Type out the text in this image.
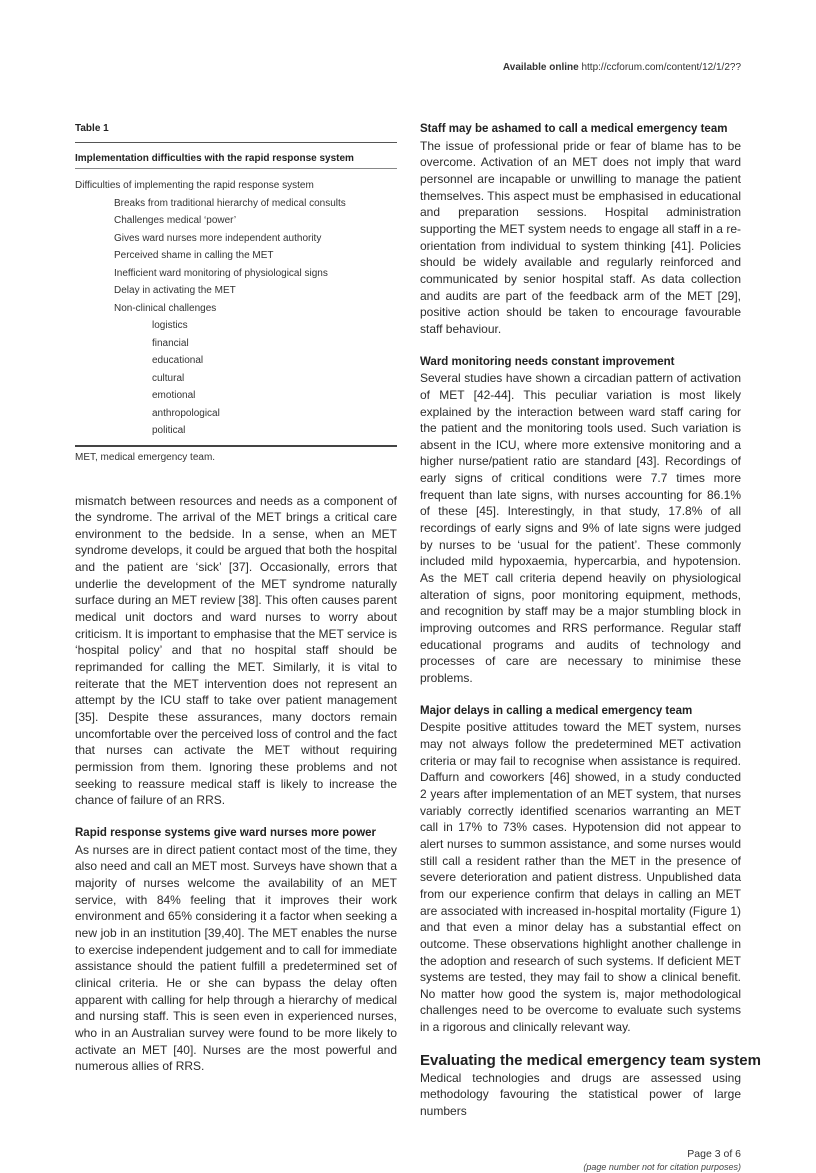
Available online http://ccforum.com/content/12/1/2??
Table 1
Implementation difficulties with the rapid response system
Difficulties of implementing the rapid response system
Breaks from traditional hierarchy of medical consults
Challenges medical ‘power’
Gives ward nurses more independent authority
Perceived shame in calling the MET
Inefficient ward monitoring of physiological signs
Delay in activating the MET
Non-clinical challenges
logistics
financial
educational
cultural
emotional
anthropological
political
MET, medical emergency team.

mismatch between resources and needs as a component of the syndrome. The arrival of the MET brings a critical care environment to the bedside. In a sense, when an MET syndrome develops, it could be argued that both the hospital and the patient are ‘sick’ [37]. Occasionally, errors that underlie the development of the MET syndrome naturally surface during an MET review [38]. This often causes parent medical unit doctors and ward nurses to worry about criticism. It is important to emphasise that the MET service is ‘hospital policy’ and that no hospital staff should be reprimanded for calling the MET. Similarly, it is vital to reiterate that the MET intervention does not represent an attempt by the ICU staff to take over patient management [35]. Despite these assurances, many doctors remain uncomfortable over the perceived loss of control and the fact that nurses can activate the MET without requiring permission from them. Ignoring these problems and not seeking to reassure medical staff is likely to increase the chance of failure of an RRS.

Rapid response systems give ward nurses more power

As nurses are in direct patient contact most of the time, they also need and call an MET most. Surveys have shown that a majority of nurses welcome the availability of an MET service, with 84% feeling that it improves their work environment and 65% considering it a factor when seeking a new job in an institution [39,40]. The MET enables the nurse to exercise independent judgement and to call for immediate assistance should the patient fulfill a predetermined set of clinical criteria. He or she can bypass the delay often apparent with calling for help through a hierarchy of medical and nursing staff. This is seen even in experienced nurses, who in an Australian survey were found to be more likely to activate an MET [40]. Nurses are the most powerful and numerous allies of RRS.

Staff may be ashamed to call a medical emergency team

The issue of professional pride or fear of blame has to be overcome. Activation of an MET does not imply that ward personnel are incapable or unwilling to manage the patient themselves. This aspect must be emphasised in educational and preparation sessions. Hospital administration supporting the MET system needs to engage all staff in a re-orientation from individual to system thinking [41]. Policies should be widely available and regularly reinforced and communicated by senior hospital staff. As data collection and audits are part of the feedback arm of the MET [29], positive action should be taken to encourage favourable staff behaviour.

Ward monitoring needs constant improvement

Several studies have shown a circadian pattern of activation of MET [42-44]. This peculiar variation is most likely explained by the interaction between ward staff caring for the patient and the monitoring tools used. Such variation is absent in the ICU, where more extensive monitoring and a higher nurse/patient ratio are standard [43]. Recordings of early signs of critical conditions were 7.7 times more frequent than late signs, with nurses accounting for 86.1% of these [45]. Interestingly, in that study, 17.8% of all recordings of early signs and 9% of late signs were judged by nurses to be ‘usual for the patient’. These commonly included mild hypoxaemia, hypercarbia, and hypotension. As the MET call criteria depend heavily on physiological alteration of signs, poor monitoring equipment, methods, and recognition by staff may be a major stumbling block in improving outcomes and RRS performance. Regular staff educational programs and audits of technology and processes of care are necessary to minimise these problems.

Major delays in calling a medical emergency team

Despite positive attitudes toward the MET system, nurses may not always follow the predetermined MET activation criteria or may fail to recognise when assistance is required. Daffurn and coworkers [46] showed, in a study conducted 2 years after implementation of an MET system, that nurses variably correctly identified scenarios warranting an MET call in 17% to 73% cases. Hypotension did not appear to alert nurses to summon assistance, and some nurses would still call a resident rather than the MET in the presence of severe deterioration and patient distress. Unpublished data from our experience confirm that delays in calling an MET are associated with increased in-hospital mortality (Figure 1) and that even a minor delay has a substantial effect on outcome. These observations highlight another challenge in the adoption and research of such systems. If deficient MET systems are tested, they may fail to show a clinical benefit. No matter how good the system is, major methodological challenges need to be overcome to evaluate such systems in a rigorous and clinically relevant way.

Evaluating the medical emergency team system

Medical technologies and drugs are assessed using methodology favouring the statistical power of large numbers

Page 3 of 6
(page number not for citation purposes)
